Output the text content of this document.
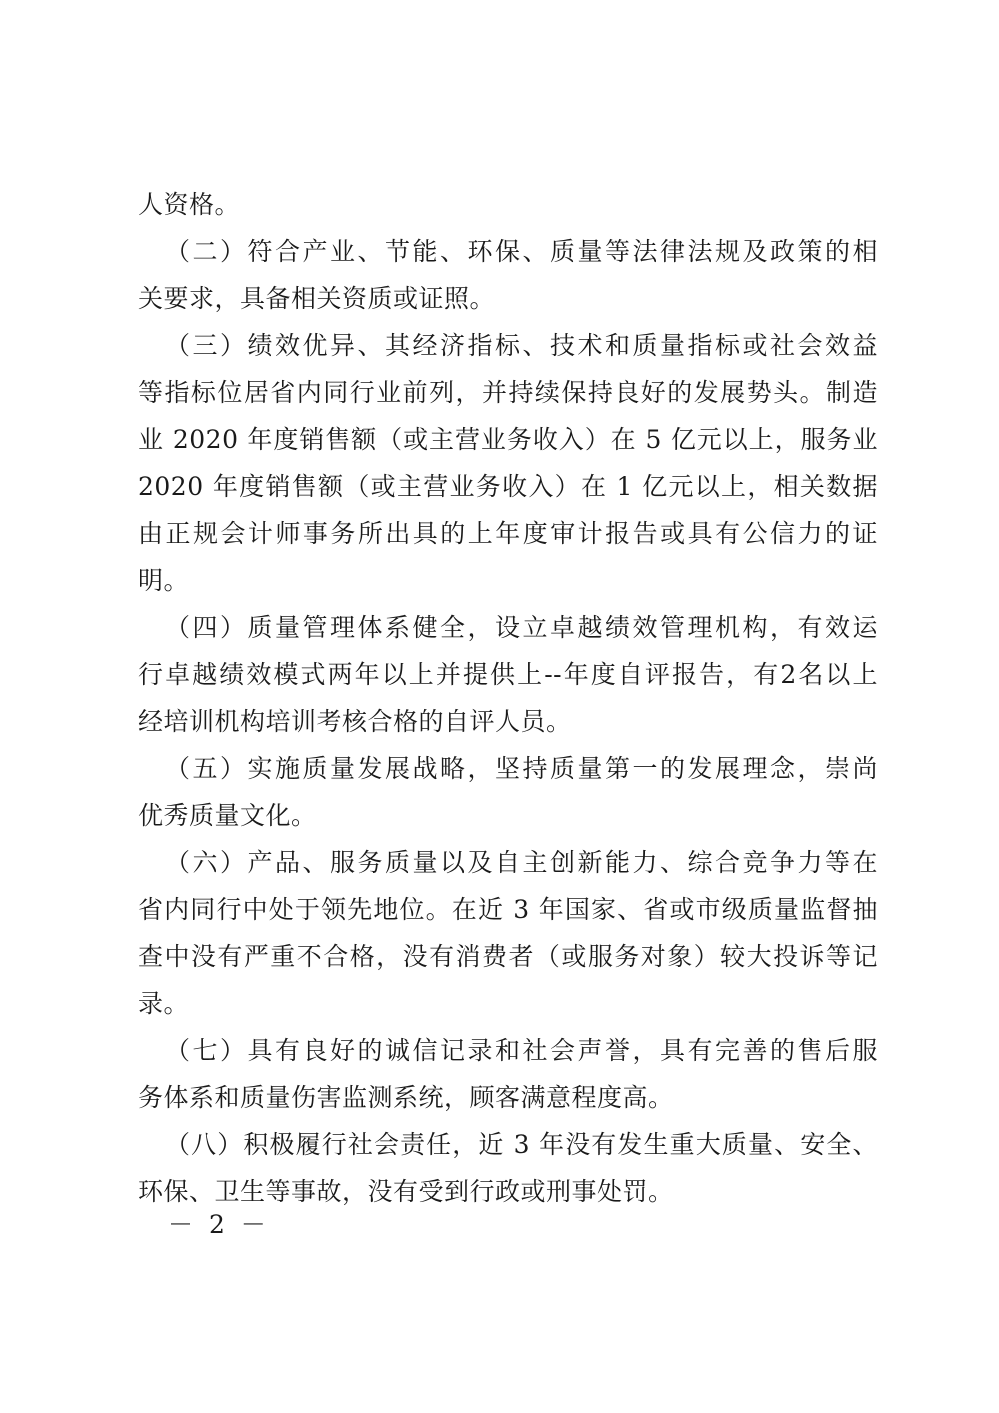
人资格。
（二）符合产业、节能、环保、质量等法律法规及政策的相
关要求，具备相关资质或证照。
（三）绩效优异、其经济指标、技术和质量指标或社会效益
等指标位居省内同行业前列，并持续保持良好的发展势头。制造
业 2020 年度销售额（或主营业务收入）在 5 亿元以上，服务业
2020 年度销售额（或主营业务收入）在 1 亿元以上，相关数据
由正规会计师事务所出具的上年度审计报告或具有公信力的证
明。
（四）质量管理体系健全，设立卓越绩效管理机构，有效运
行卓越绩效模式两年以上并提供上--年度自评报告，有2名以上
经培训机构培训考核合格的自评人员。
（五）实施质量发展战略，坚持质量第一的发展理念，崇尚
优秀质量文化。
（六）产品、服务质量以及自主创新能力、综合竞争力等在
省内同行中处于领先地位。在近 3 年国家、省或市级质量监督抽
查中没有严重不合格，没有消费者（或服务对象）较大投诉等记
录。
（七）具有良好的诚信记录和社会声誉，具有完善的售后服
务体系和质量伤害监测系统，顾客满意程度高。
（八）积极履行社会责任，近 3 年没有发生重大质量、安全、
环保、卫生等事故，没有受到行政或刑事处罚。
－ 2 －
